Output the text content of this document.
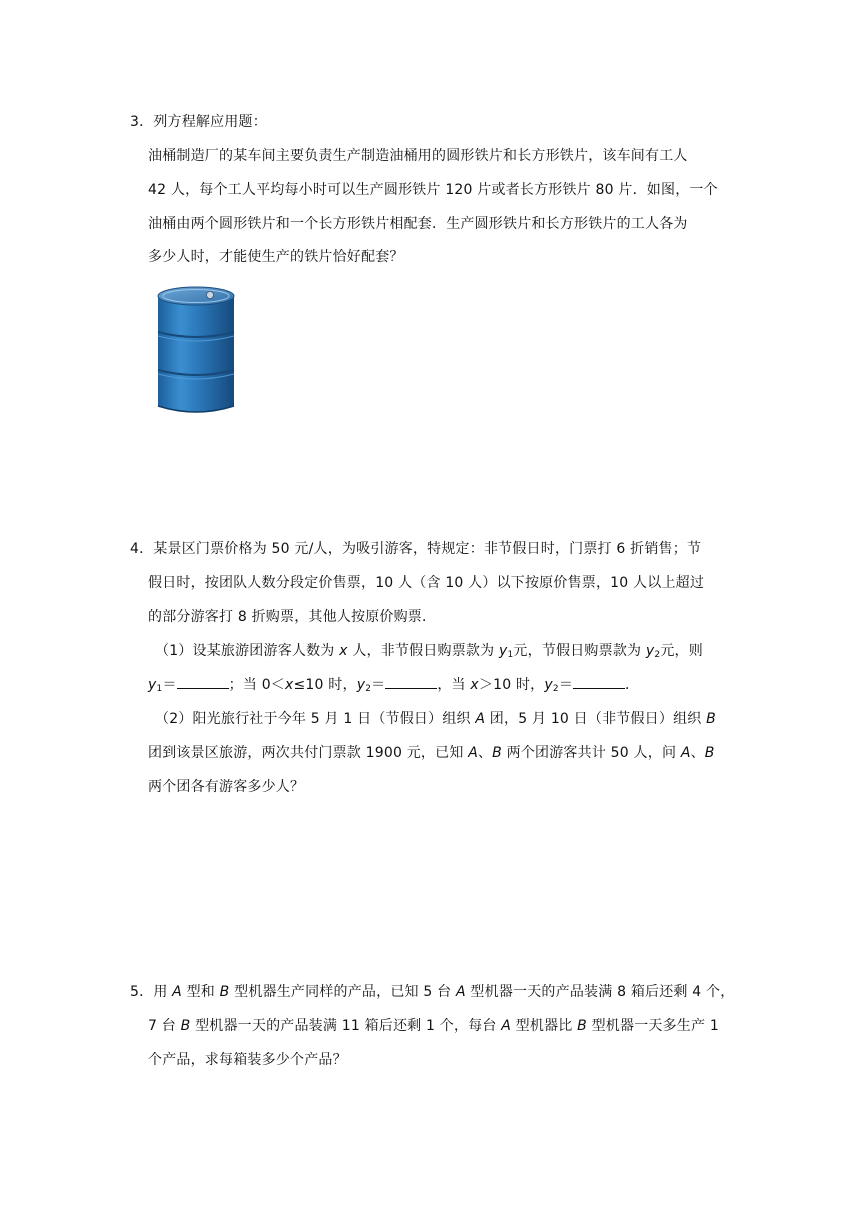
3．列方程解应用题：
油桶制造厂的某车间主要负责生产制造油桶用的圆形铁片和长方形铁片，该车间有工人
42 人，每个工人平均每小时可以生产圆形铁片 120 片或者长方形铁片 80 片．如图，一个
油桶由两个圆形铁片和一个长方形铁片相配套．生产圆形铁片和长方形铁片的工人各为
多少人时，才能使生产的铁片恰好配套？
4．某景区门票价格为 50 元/人，为吸引游客，特规定：非节假日时，门票打 6 折销售；节
假日时，按团队人数分段定价售票，10 人（含 10 人）以下按原价售票，10 人以上超过
的部分游客打 8 折购票，其他人按原价购票．
（1）设某旅游团游客人数为 x 人，非节假日购票款为 $y_1$元，节假日购票款为 $y_2$元，则
$y_1=$	；当 0＜x≤10 时，$y_2=$	，当 x＞10 时，$y_2=$	．
（2）阳光旅行社于今年 5 月 1 日（节假日）组织 A 团，5 月 10 日（非节假日）组织 B
团到该景区旅游，两次共付门票款 1900 元，已知 A、B 两个团游客共计 50 人，问 A、B
两个团各有游客多少人？
5．用 A 型和 B 型机器生产同样的产品，已知 5 台 A 型机器一天的产品装满 8 箱后还剩 4 个，
7 台 B 型机器一天的产品装满 11 箱后还剩 1 个，每台 A 型机器比 B 型机器一天多生产 1
个产品，求每箱装多少个产品？
